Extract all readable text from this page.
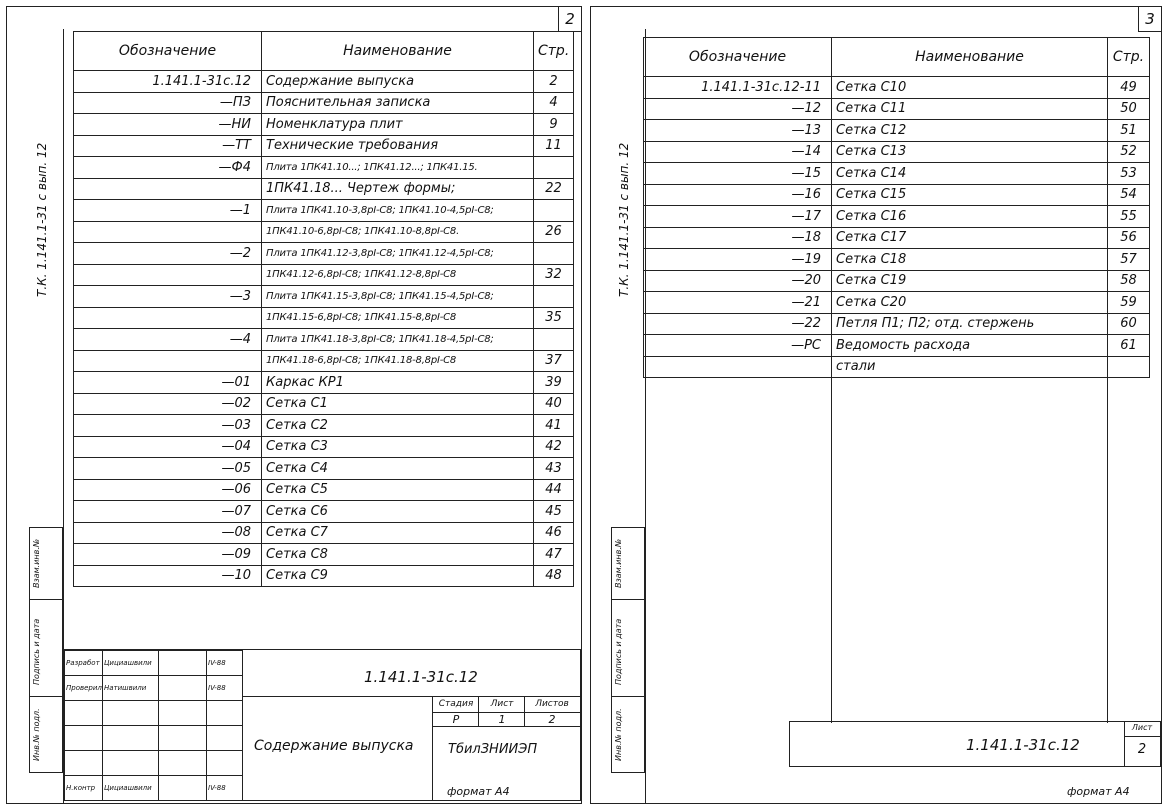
2
Т.К. 1.141.1-31 с вып. 12
Взам.инв.№
Подпись и дата
Инв.№ подл.
Обозначение	Наименование	Стр.
1.141.1-31с.12	Содержание выпуска	2
—ПЗ	Пояснительная записка	4
—НИ	Номенклатура плит	9
—ТТ	Технические требования	11
—Ф4	Плита 1ПК41.10...; 1ПК41.12...; 1ПК41.15.	
	1ПК41.18... Чертеж формы;	22
—1	Плита 1ПК41.10-3,8рI-С8; 1ПК41.10-4,5рI-С8;	
	1ПК41.10-6,8рI-С8; 1ПК41.10-8,8рI-С8.	26
—2	Плита 1ПК41.12-3,8рI-С8; 1ПК41.12-4,5рI-С8;	
	1ПК41.12-6,8рI-С8; 1ПК41.12-8,8рI-С8	32
—3	Плита 1ПК41.15-3,8рI-С8; 1ПК41.15-4,5рI-С8;	
	1ПК41.15-6,8рI-С8; 1ПК41.15-8,8рI-С8	35
—4	Плита 1ПК41.18-3,8рI-С8; 1ПК41.18-4,5рI-С8;	
	1ПК41.18-6,8рI-С8; 1ПК41.18-8,8рI-С8	37
—01	Каркас КР1	39
—02	Сетка С1	40
—03	Сетка С2	41
—04	Сетка С3	42
—05	Сетка С4	43
—06	Сетка С5	44
—07	Сетка С6	45
—08	Сетка С7	46
—09	Сетка С8	47
—10	Сетка С9	48
Разработ	Цициашвили		IV-88
Проверил	Натишвили		IV-88

Н.контр	Цициашвили		IV-88
1.141.1-31с.12
Содержание выпуска
Стадия	Лист	Листов
Р	1	2
ТбилЗНИИЭП
формат А4
3
Т.К. 1.141.1-31 с вып. 12
Взам.инв.№
Подпись и дата
Инв.№ подл.
Обозначение	Наименование	Стр.
1.141.1-31с.12-11	Сетка С10	49
—12	Сетка С11	50
—13	Сетка С12	51
—14	Сетка С13	52
—15	Сетка С14	53
—16	Сетка С15	54
—17	Сетка С16	55
—18	Сетка С17	56
—19	Сетка С18	57
—20	Сетка С19	58
—21	Сетка С20	59
—22	Петля П1; П2; отд. стержень	60
—РС	Ведомость расхода	61
	стали	
1.141.1-31с.12
Лист
2
формат А4
